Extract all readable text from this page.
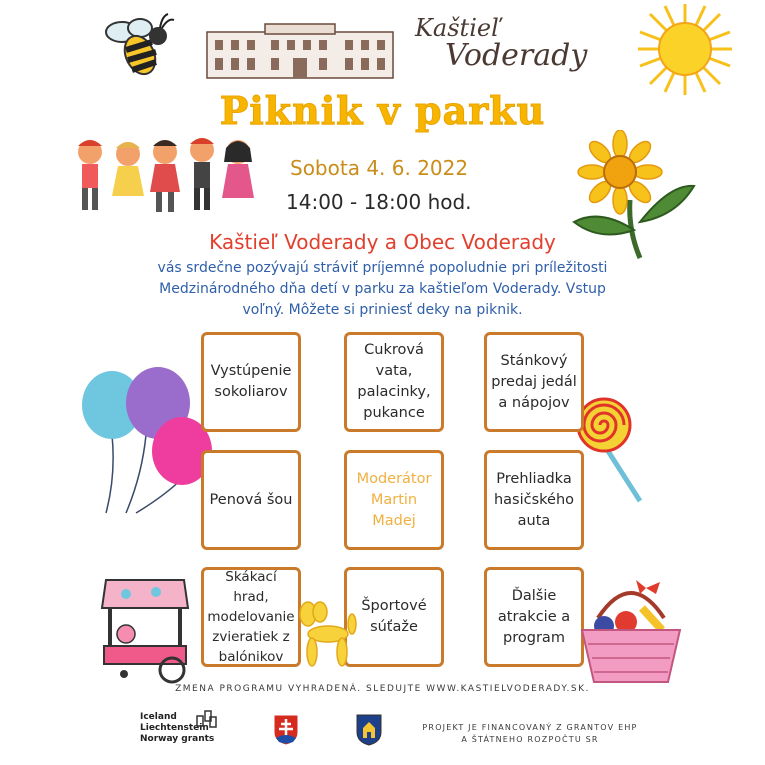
Kaštieľ
Voderady
Piknik v parku
Sobota 4. 6. 2022
14:00 - 18:00 hod.
Kaštieľ Voderady a Obec Voderady
vás srdečne pozývajú stráviť príjemné popoludnie pri príležitosti Medzinárodného dňa detí v parku za kaštieľom Voderady. Vstup voľný. Môžete si priniesť deky na piknik.
Vystúpenie sokoliarov
Cukrová vata, palacinky, pukance
Stánkový predaj jedál a nápojov
Penová šou
Moderátor Martin Madej
Prehliadka hasičského auta
Skákací hrad, modelovanie zvieratiek z balónikov
Športové súťaže
Ďalšie atrakcie a program
ZMENA PROGRAMU VYHRADENÁ. SLEDUJTE WWW.KASTIELVODERADY.SK.
Iceland
Liechtenstein
Norway grants
PROJEKT JE FINANCOVANÝ Z GRANTOV EHP A ŠTÁTNEHO ROZPOČTU SR
